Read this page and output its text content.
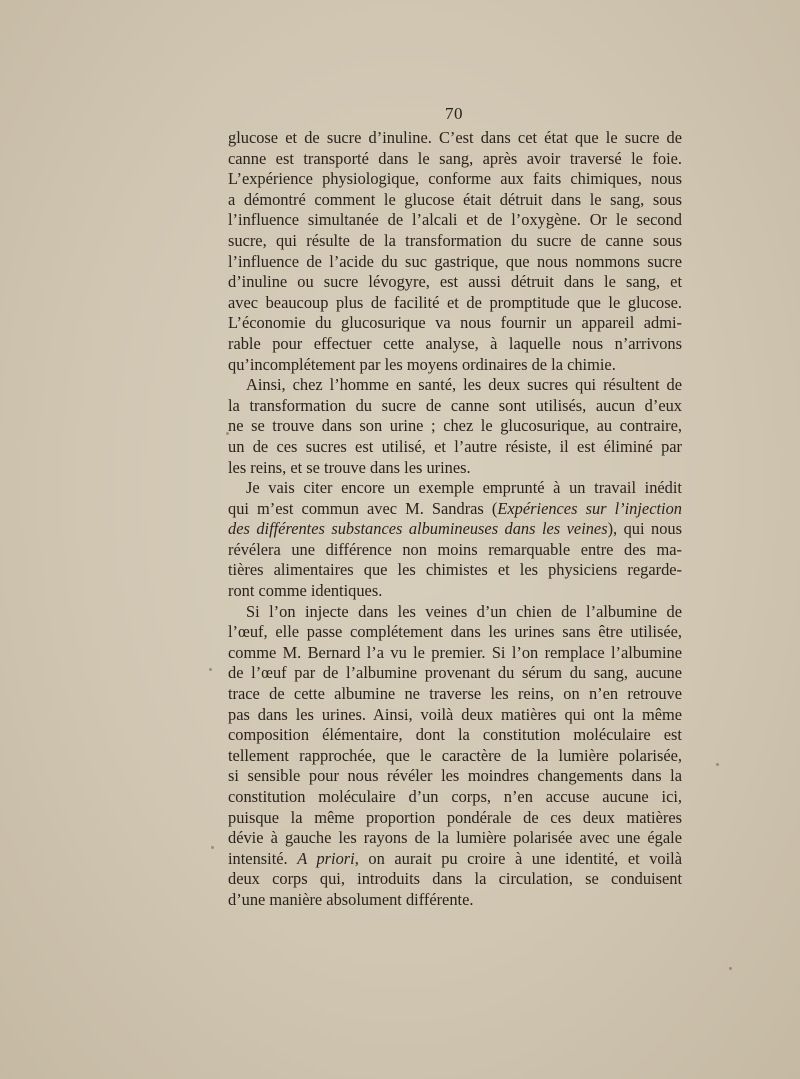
70
glucose et de sucre d’inuline. C’est dans cet état que le sucre de
canne est transporté dans le sang, après avoir traversé le foie.
L’expérience physiologique, conforme aux faits chimiques, nous
a démontré comment le glucose était détruit dans le sang, sous
l’influence simultanée de l’alcali et de l’oxygène. Or le second
sucre, qui résulte de la transformation du sucre de canne sous
l’influence de l’acide du suc gastrique, que nous nommons sucre
d’inuline ou sucre lévogyre, est aussi détruit dans le sang, et
avec beaucoup plus de facilité et de promptitude que le glucose.
L’économie du glucosurique va nous fournir un appareil admi-
rable pour effectuer cette analyse, à laquelle nous n’arrivons
qu’incomplétement par les moyens ordinaires de la chimie.
Ainsi, chez l’homme en santé, les deux sucres qui résultent de
la transformation du sucre de canne sont utilisés, aucun d’eux
ne se trouve dans son urine ; chez le glucosurique, au contraire,
un de ces sucres est utilisé, et l’autre résiste, il est éliminé par
les reins, et se trouve dans les urines.
Je vais citer encore un exemple emprunté à un travail inédit
qui m’est commun avec M. Sandras (Expériences sur l’injection
des différentes substances albumineuses dans les veines), qui nous
révélera une différence non moins remarquable entre des ma-
tières alimentaires que les chimistes et les physiciens regarde-
ront comme identiques.
Si l’on injecte dans les veines d’un chien de l’albumine de
l’œuf, elle passe complétement dans les urines sans être utilisée,
comme M. Bernard l’a vu le premier. Si l’on remplace l’albumine
de l’œuf par de l’albumine provenant du sérum du sang, aucune
trace de cette albumine ne traverse les reins, on n’en retrouve
pas dans les urines. Ainsi, voilà deux matières qui ont la même
composition élémentaire, dont la constitution moléculaire est
tellement rapprochée, que le caractère de la lumière polarisée,
si sensible pour nous révéler les moindres changements dans la
constitution moléculaire d’un corps, n’en accuse aucune ici,
puisque la même proportion pondérale de ces deux matières
dévie à gauche les rayons de la lumière polarisée avec une égale
intensité. A priori, on aurait pu croire à une identité, et voilà
deux corps qui, introduits dans la circulation, se conduisent
d’une manière absolument différente.
